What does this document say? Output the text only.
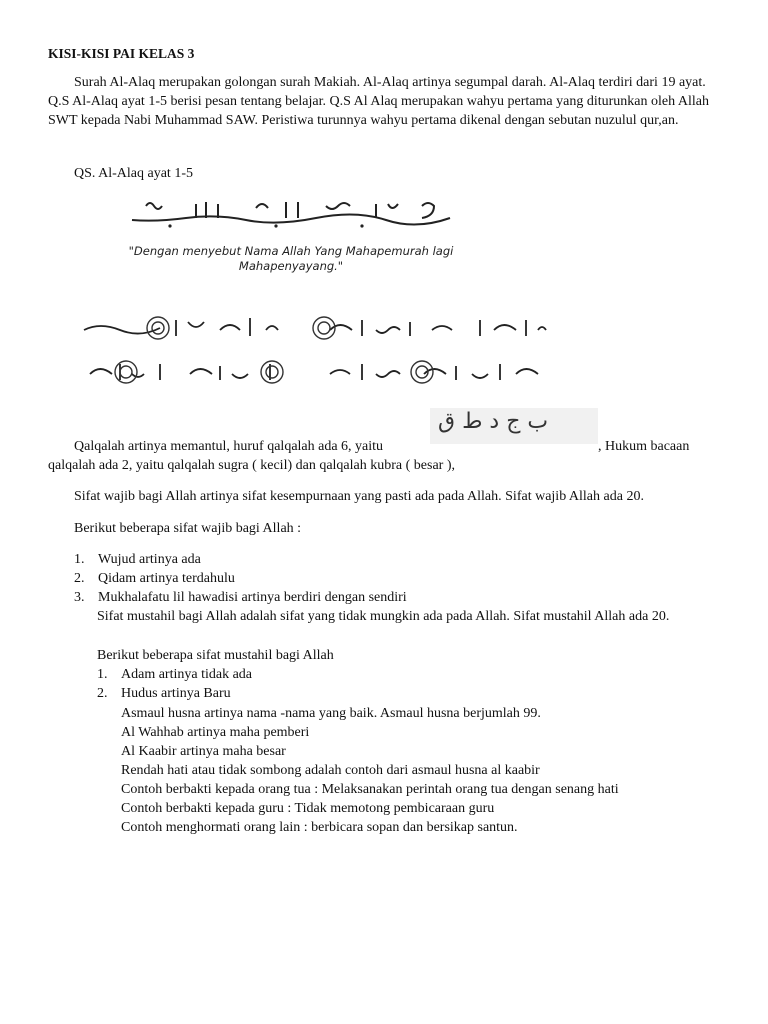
KISI-KISI PAI KELAS 3
Surah Al-Alaq merupakan golongan surah Makiah. Al-Alaq artinya segumpal darah. Al-Alaq terdiri dari 19 ayat. Q.S Al-Alaq ayat 1-5 berisi pesan tentang belajar. Q.S Al Alaq merupakan wahyu pertama yang diturunkan oleh Allah SWT kepada Nabi Muhammad SAW. Peristiwa turunnya wahyu pertama dikenal dengan sebutan nuzulul qur,an.
QS. Al-Alaq ayat 1-5
"Dengan menyebut Nama Allah Yang Mahapemurah lagi Mahapenyayang."
Qalqalah artinya memantul, huruf qalqalah ada 6, yaitu
ب ج د ط ق
, Hukum bacaan
qalqalah ada 2, yaitu qalqalah sugra ( kecil) dan qalqalah kubra ( besar ),
Sifat wajib bagi Allah artinya sifat kesempurnaan yang pasti ada pada Allah. Sifat wajib Allah ada 20.
Berikut beberapa sifat wajib bagi Allah :
1. Wujud artinya ada
2. Qidam artinya terdahulu
3. Mukhalafatu lil hawadisi artinya berdiri dengan sendiri
Sifat mustahil bagi Allah adalah sifat yang tidak mungkin ada pada Allah. Sifat mustahil Allah ada 20.
Berikut beberapa sifat mustahil bagi Allah
1. Adam artinya tidak ada
2. Hudus artinya Baru
Asmaul husna artinya nama -nama yang baik. Asmaul husna berjumlah 99.
Al Wahhab artinya maha pemberi
Al Kaabir artinya maha besar
Rendah hati atau tidak sombong adalah contoh dari asmaul husna al kaabir
Contoh berbakti kepada orang tua : Melaksanakan perintah orang tua dengan senang hati
Contoh berbakti kepada guru : Tidak memotong pembicaraan guru
Contoh menghormati orang lain : berbicara sopan dan bersikap santun.
